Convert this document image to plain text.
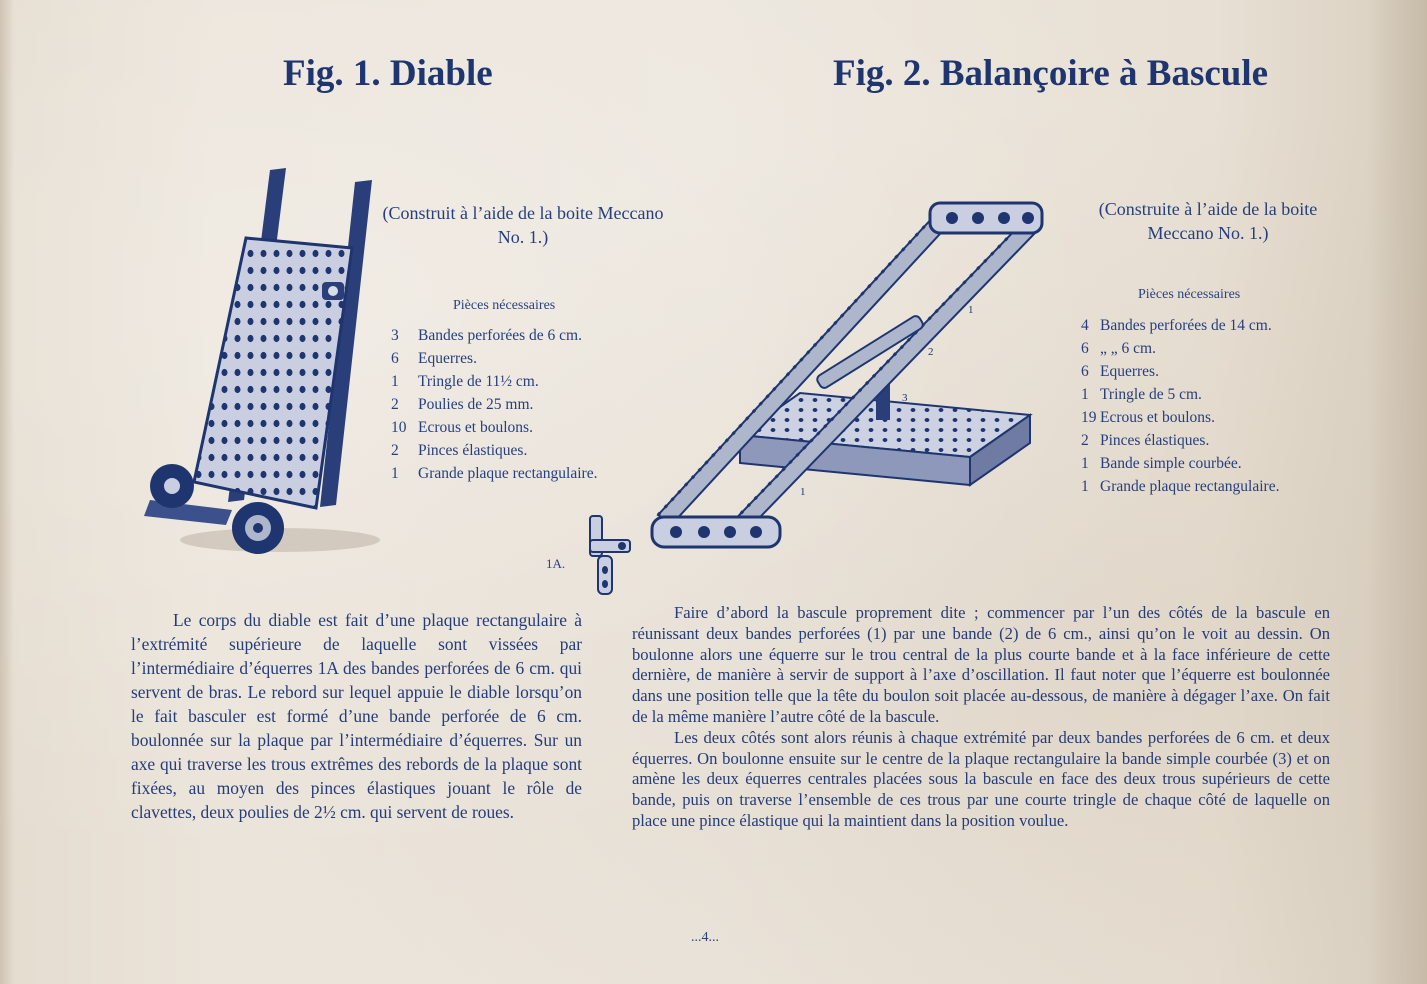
Fig. 1. Diable	Fig. 2. Balançoire à Bascule
(Construit à l’aide de la boite Meccano No. 1.)
Pièces nécessaires
3	Bandes perforées de 6 cm.
6	Equerres.
1	Tringle de 11½ cm.
2	Poulies de 25 mm.
10 Ecrous et boulons.
2	Pinces élastiques.
1	Grande plaque rectangulaire.
1A.
1
2
3
1
(Construite à l’aide de la boite Meccano No. 1.)
Pièces nécessaires
4 Bandes perforées de 14 cm.
6 „ „ 6 cm.
6 Equerres.
1 Tringle de 5 cm.
19 Ecrous et boulons.
2 Pinces élastiques.
1 Bande simple courbée.
1 Grande plaque rectangulaire.

Le corps du diable est fait d’une plaque rectangulaire à l’extrémité supérieure de laquelle sont vissées par l’intermédiaire d’équerres 1A des bandes perforées de 6 cm. qui servent de bras. Le rebord sur lequel appuie le diable lorsqu’on le fait basculer est formé d’une bande perforée de 6 cm. boulonnée sur la plaque par l’intermédiaire d’équerres. Sur un axe qui traverse les trous extrêmes des rebords de la plaque sont fixées, au moyen des pinces élastiques jouant le rôle de clavettes, deux poulies de 2½ cm. qui servent de roues.

Faire d’abord la bascule proprement dite ; commencer par l’un des côtés de la bascule en réunissant deux bandes perforées (1) par une bande (2) de 6 cm., ainsi qu’on le voit au dessin. On boulonne alors une équerre sur le trou central de la plus courte bande et à la face inférieure de cette dernière, de manière à servir de support à l’axe d’oscillation. Il faut noter que l’équerre est boulonnée dans une position telle que la tête du boulon soit placée au-dessous, de manière à dégager l’axe. On fait de la même manière l’autre côté de la bascule.

Les deux côtés sont alors réunis à chaque extrémité par deux bandes perforées de 6 cm. et deux équerres. On boulonne ensuite sur le centre de la plaque rectangulaire la bande simple courbée (3) et on amène les deux équerres centrales placées sous la bascule en face des deux trous supérieurs de cette bande, puis on traverse l’ensemble de ces trous par une courte tringle de chaque côté de laquelle on place une pince élastique qui la maintient dans la position voulue.

...4...
